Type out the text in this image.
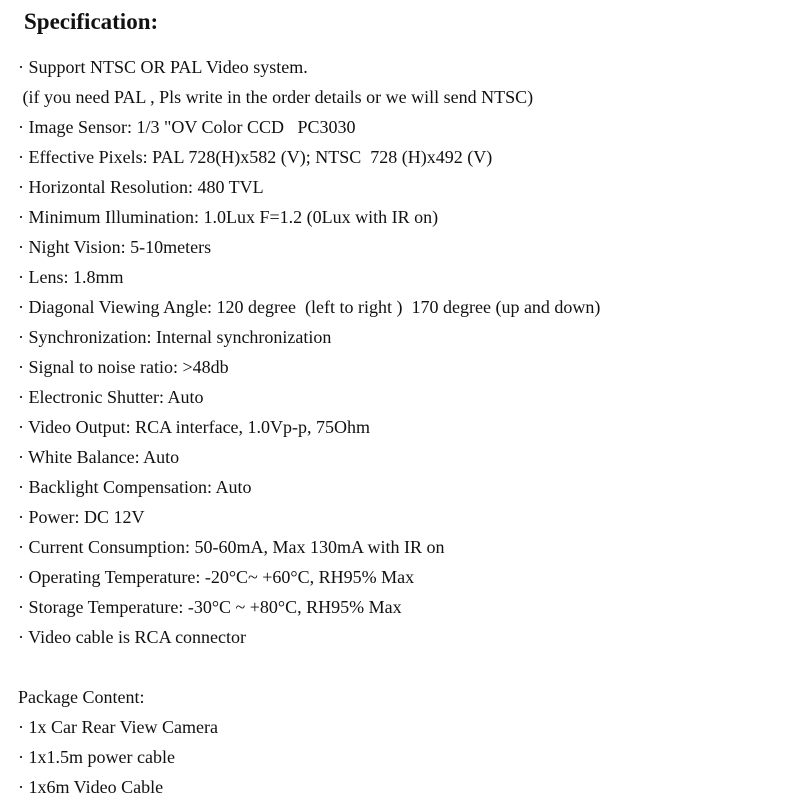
Specification:

· Support NTSC OR PAL Video system.

(if you need PAL , Pls write in the order details or we will send NTSC)

· Image Sensor: 1/3 "OV Color CCD   PC3030

· Effective Pixels: PAL 728(H)x582 (V); NTSC  728 (H)x492 (V)

· Horizontal Resolution: 480 TVL

· Minimum Illumination: 1.0Lux F=1.2 (0Lux with IR on)

· Night Vision: 5-10meters

· Lens: 1.8mm

· Diagonal Viewing Angle: 120 degree  (left to right )  170 degree (up and down)

· Synchronization: Internal synchronization

· Signal to noise ratio: >48db

· Electronic Shutter: Auto

· Video Output: RCA interface, 1.0Vp-p, 75Ohm

· White Balance: Auto

· Backlight Compensation: Auto

· Power: DC 12V

· Current Consumption: 50-60mA, Max 130mA with IR on

· Operating Temperature: -20°C~ +60°C, RH95% Max

· Storage Temperature: -30°C ~ +80°C, RH95% Max

· Video cable is RCA connector

Package Content:

· 1x Car Rear View Camera

· 1x1.5m power cable

· 1x6m Video Cable
